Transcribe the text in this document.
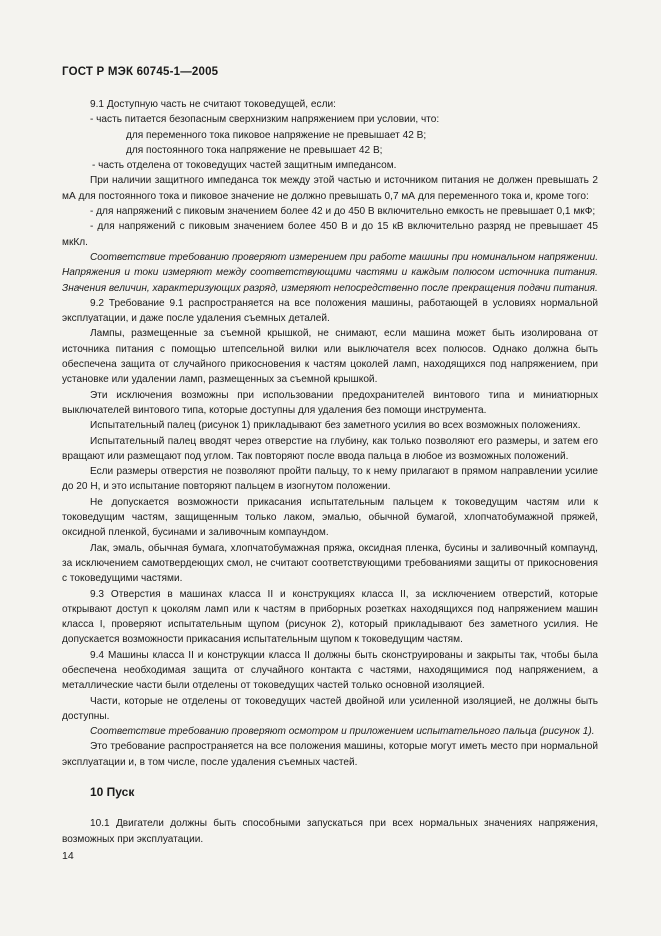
ГОСТ Р МЭК 60745-1—2005

9.1 Доступную часть не считают токоведущей, если:

- часть питается безопасным сверхнизким напряжением при условии, что:

для переменного тока пиковое напряжение не превышает 42 В;

для постоянного тока напряжение не превышает 42 В;

- часть отделена от токоведущих частей защитным импедансом.

При наличии защитного импеданса ток между этой частью и источником питания не должен превышать 2 мА для постоянного тока и пиковое значение не должно превышать 0,7 мА для переменного тока и, кроме того:

- для напряжений с пиковым значением более 42 и до 450 В включительно емкость не превышает 0,1 мкФ;

- для напряжений с пиковым значением более 450 В и до 15 кВ включительно разряд не превышает 45 мкКл.

Соответствие требованию проверяют измерением при работе машины при номинальном напряжении. Напряжения и токи измеряют между соответствующими частями и каждым полюсом источника питания. Значения величин, характеризующих разряд, измеряют непосредственно после прекращения подачи питания.

9.2 Требование 9.1 распространяется на все положения машины, работающей в условиях нормальной эксплуатации, и даже после удаления съемных деталей.

Лампы, размещенные за съемной крышкой, не снимают, если машина может быть изолирована от источника питания с помощью штепсельной вилки или выключателя всех полюсов. Однако должна быть обеспечена защита от случайного прикосновения к частям цоколей ламп, находящихся под напряжением, при установке или удалении ламп, размещенных за съемной крышкой.

Эти исключения возможны при использовании предохранителей винтового типа и миниатюрных выключателей винтового типа, которые доступны для удаления без помощи инструмента.

Испытательный палец (рисунок 1) прикладывают без заметного усилия во всех возможных положениях.

Испытательный палец вводят через отверстие на глубину, как только позволяют его размеры, и затем его вращают или размещают под углом. Так повторяют после ввода пальца в любое из возможных положений.

Если размеры отверстия не позволяют пройти пальцу, то к нему прилагают в прямом направлении усилие до 20 Н, и это испытание повторяют пальцем в изогнутом положении.

Не допускается возможности прикасания испытательным пальцем к токоведущим частям или к токоведущим частям, защищенным только лаком, эмалью, обычной бумагой, хлопчатобумажной пряжей, оксидной пленкой, бусинами и заливочным компаундом.

Лак, эмаль, обычная бумага, хлопчатобумажная пряжа, оксидная пленка, бусины и заливочный компаунд, за исключением самотвердеющих смол, не считают соответствующими требованиями защиты от прикосновения с токоведущими частями.

9.3 Отверстия в машинах класса II и конструкциях класса II, за исключением отверстий, которые открывают доступ к цоколям ламп или к частям в приборных розетках находящихся под напряжением машин класса I, проверяют испытательным щупом (рисунок 2), который прикладывают без заметного усилия. Не допускается возможности прикасания испытательным щупом к токоведущим частям.

9.4 Машины класса II и конструкции класса II должны быть сконструированы и закрыты так, чтобы была обеспечена необходимая защита от случайного контакта с частями, находящимися под напряжением, а металлические части были отделены от токоведущих частей только основной изоляцией.

Части, которые не отделены от токоведущих частей двойной или усиленной изоляцией, не должны быть доступны.

Соответствие требованию проверяют осмотром и приложением испытательного пальца (рисунок 1).

Это требование распространяется на все положения машины, которые могут иметь место при нормальной эксплуатации и, в том числе, после удаления съемных частей.

10 Пуск

10.1 Двигатели должны быть способными запускаться при всех нормальных значениях напряжения, возможных при эксплуатации.

14
